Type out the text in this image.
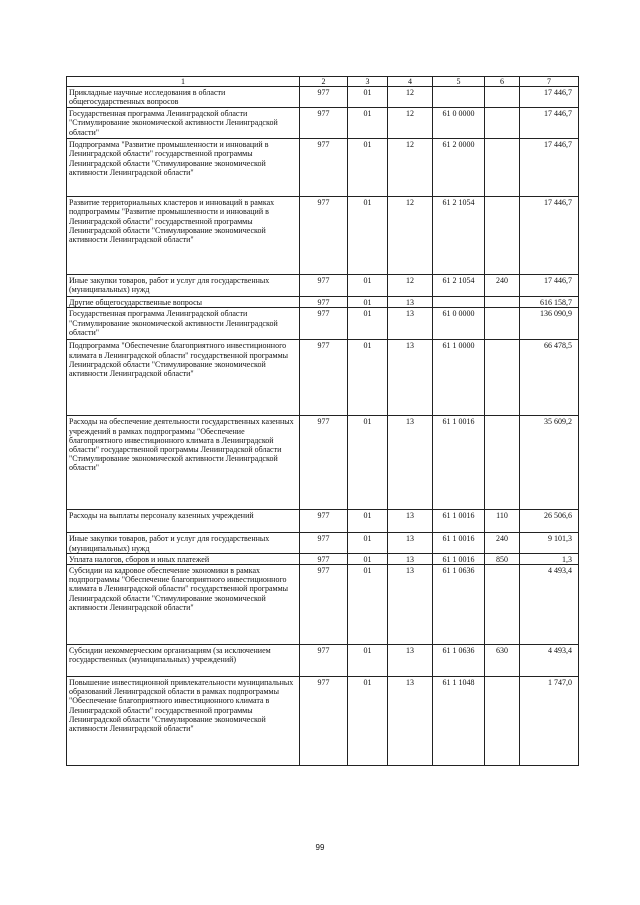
1	2	3	4	5	6	7
Прикладные научные исследования в области общегосударственных вопросов	977	01	12			17 446,7
Государственная программа Ленинградской области "Стимулирование экономической активности Ленинградской области"	977	01	12	61 0 0000		17 446,7
Подпрограмма "Развитие промышленности и инноваций в Ленинградской области" государственной программы Ленинградской области "Стимулирование экономической активности Ленинградской области"	977	01	12	61 2 0000		17 446,7
Развитие территориальных кластеров и инноваций в рамках подпрограммы "Развитие промышленности и инноваций в Ленинградской области" государственной программы Ленинградской области "Стимулирование экономической активности Ленинградской области"	977	01	12	61 2 1054		17 446,7
Иные закупки товаров, работ и услуг для государственных (муниципальных) нужд	977	01	12	61 2 1054	240	17 446,7
Другие общегосударственные вопросы	977	01	13			616 158,7
Государственная программа Ленинградской области "Стимулирование экономической активности Ленинградской области"	977	01	13	61 0 0000		136 090,9
Подпрограмма "Обеспечение благоприятного инвестиционного климата в Ленинградской области" государственной программы Ленинградской области "Стимулирование экономической активности Ленинградской области"	977	01	13	61 1 0000		66 478,5
Расходы на обеспечение деятельности государственных казенных учреждений в рамках подпрограммы "Обеспечение благоприятного инвестиционного климата в Ленинградской области" государственной программы Ленинградской области "Стимулирование экономической активности Ленинградской области"	977	01	13	61 1 0016		35 609,2
Расходы на выплаты персоналу казенных учреждений	977	01	13	61 1 0016	110	26 506,6
Иные закупки товаров, работ и услуг для государственных (муниципальных) нужд	977	01	13	61 1 0016	240	9 101,3
Уплата налогов, сборов и иных платежей	977	01	13	61 1 0016	850	1,3
Субсидии на кадровое обеспечение экономики в рамках подпрограммы "Обеспечение благоприятного инвестиционного климата в Ленинградской области" государственной программы Ленинградской области "Стимулирование экономической активности Ленинградской области"	977	01	13	61 1 0636		4 493,4
Субсидии некоммерческим организациям (за исключением государственных (муниципальных) учреждений)	977	01	13	61 1 0636	630	4 493,4
Повышение инвестиционной привлекательности муниципальных образований Ленинградской области в рамках подпрограммы "Обеспечение благоприятного инвестиционного климата в Ленинградской области" государственной программы Ленинградской области "Стимулирование экономической активности Ленинградской области"	977	01	13	61 1 1048		1 747,0
99
